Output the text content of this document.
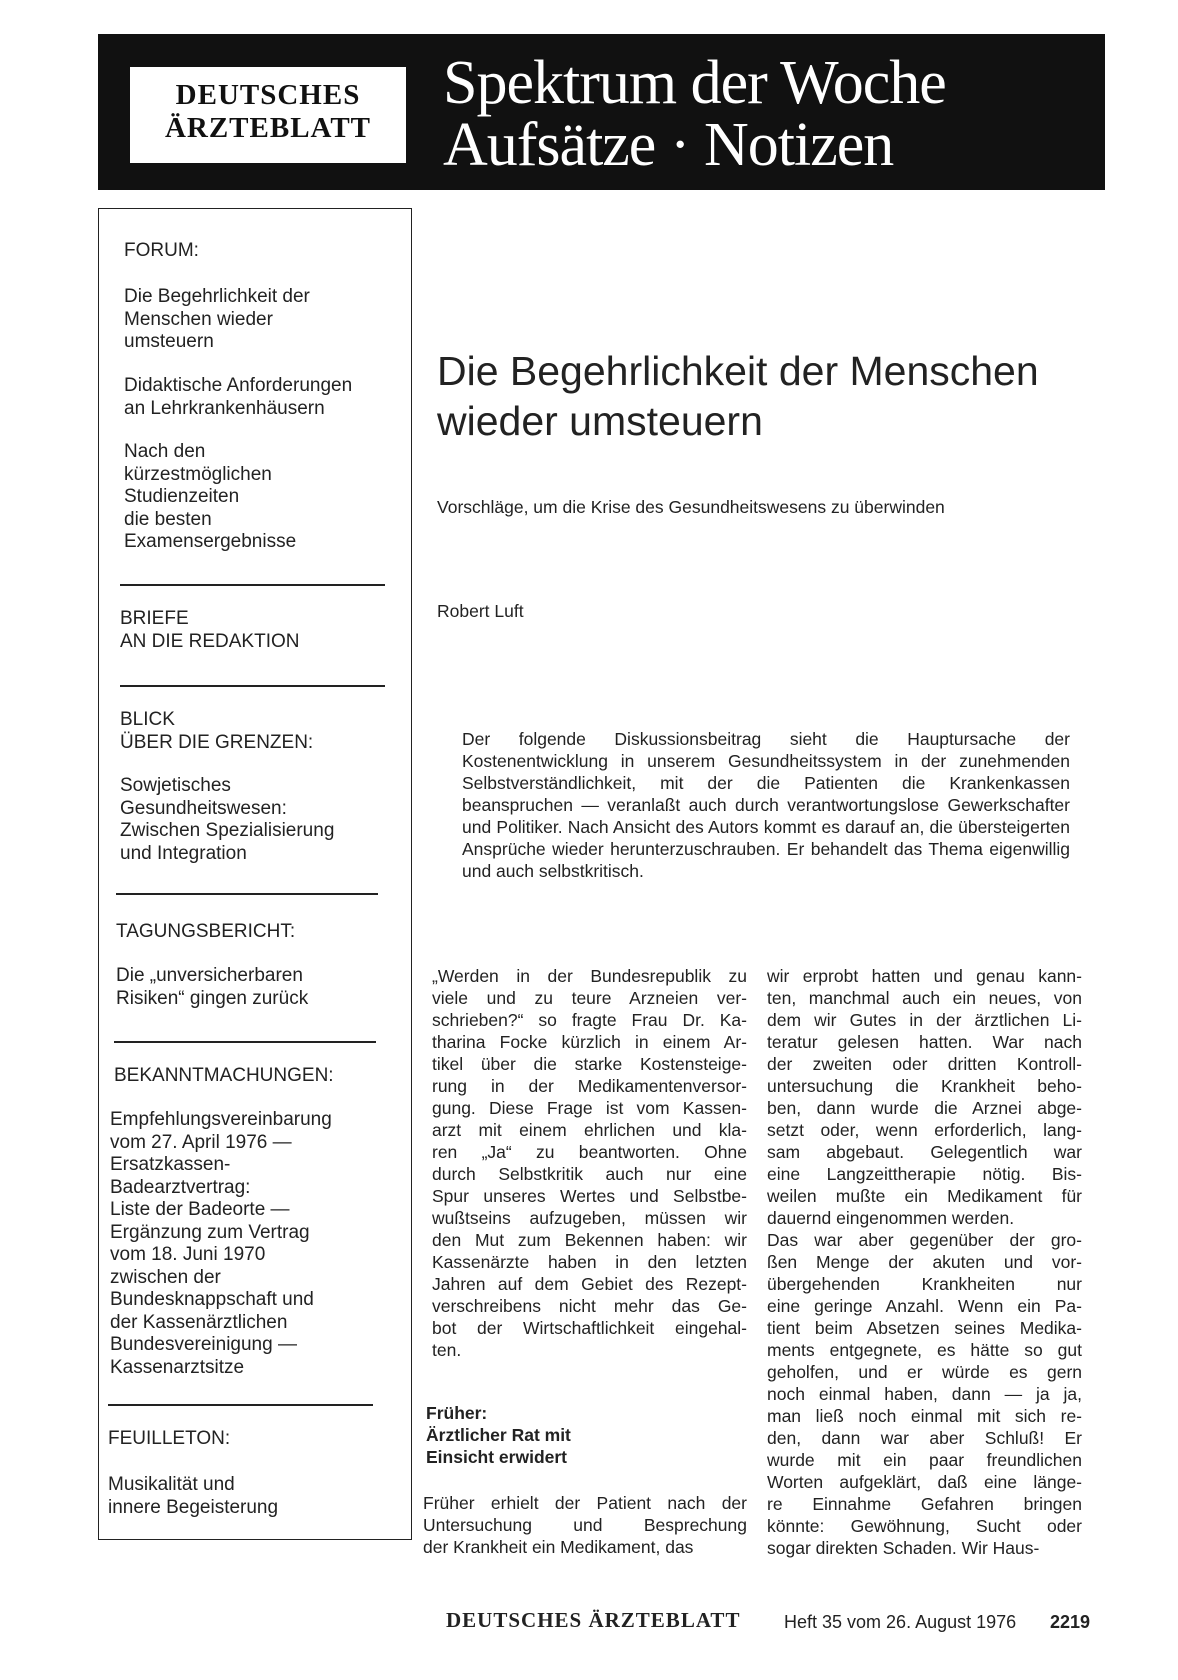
DEUTSCHES
ÄRZTEBLATT
Spektrum der Woche
Aufsätze · Notizen
FORUM:
Die Begehrlichkeit der
Menschen wieder
umsteuern
Didaktische Anforderungen
an Lehrkrankenhäusern
Nach den
kürzestmöglichen
Studienzeiten
die besten
Examensergebnisse
BRIEFE
AN DIE REDAKTION
BLICK
ÜBER DIE GRENZEN:
Sowjetisches
Gesundheitswesen:
Zwischen Spezialisierung
und Integration
TAGUNGSBERICHT:
Die „unversicherbaren
Risiken“ gingen zurück
BEKANNTMACHUNGEN:
Empfehlungsvereinbarung
vom 27. April 1976 —
Ersatzkassen-
Badearztvertrag:
Liste der Badeorte —
Ergänzung zum Vertrag
vom 18. Juni 1970
zwischen der
Bundesknappschaft und
der Kassenärztlichen
Bundesvereinigung —
Kassenarztsitze
FEUILLETON:
Musikalität und
innere Begeisterung
Die Begehrlichkeit der Menschen
wieder umsteuern
Vorschläge, um die Krise des Gesundheitswesens zu überwinden
Robert Luft
Der folgende Diskussionsbeitrag sieht die Hauptursache der Kostenentwicklung in unserem Gesundheitssystem in der zunehmenden Selbstverständlichkeit, mit der die Patienten die Krankenkassen beanspruchen — veranlaßt auch durch verantwortungslose Gewerkschafter und Politiker. Nach Ansicht des Autors kommt es darauf an, die übersteigerten Ansprüche wieder herunterzuschrauben. Er behandelt das Thema eigenwillig und auch selbstkritisch.
„Werden in der Bundesrepublik zu
viele und zu teure Arzneien ver-
schrieben?“ so fragte Frau Dr. Ka-
tharina Focke kürzlich in einem Ar-
tikel über die starke Kostensteige-
rung in der Medikamentenversor-
gung. Diese Frage ist vom Kassen-
arzt mit einem ehrlichen und kla-
ren „Ja“ zu beantworten. Ohne
durch Selbstkritik auch nur eine
Spur unseres Wertes und Selbstbe-
wußtseins aufzugeben, müssen wir
den Mut zum Bekennen haben: wir
Kassenärzte haben in den letzten
Jahren auf dem Gebiet des Rezept-
verschreibens nicht mehr das Ge-
bot der Wirtschaftlichkeit eingehal-
ten.
Früher:
Ärztlicher Rat mit
Einsicht erwidert
Früher erhielt der Patient nach der
Untersuchung und Besprechung
der Krankheit ein Medikament, das
wir erprobt hatten und genau kann-
ten, manchmal auch ein neues, von
dem wir Gutes in der ärztlichen Li-
teratur gelesen hatten. War nach
der zweiten oder dritten Kontroll-
untersuchung die Krankheit beho-
ben, dann wurde die Arznei abge-
setzt oder, wenn erforderlich, lang-
sam abgebaut. Gelegentlich war
eine Langzeittherapie nötig. Bis-
weilen mußte ein Medikament für
dauernd eingenommen werden.
Das war aber gegenüber der gro-
ßen Menge der akuten und vor-
übergehenden Krankheiten nur
eine geringe Anzahl. Wenn ein Pa-
tient beim Absetzen seines Medika-
ments entgegnete, es hätte so gut
geholfen, und er würde es gern
noch einmal haben, dann — ja ja,
man ließ noch einmal mit sich re-
den, dann war aber Schluß! Er
wurde mit ein paar freundlichen
Worten aufgeklärt, daß eine länge-
re Einnahme Gefahren bringen
könnte: Gewöhnung, Sucht oder
sogar direkten Schaden. Wir Haus-
DEUTSCHES ÄRZTEBLATT Heft 35 vom 26. August 1976 2219
